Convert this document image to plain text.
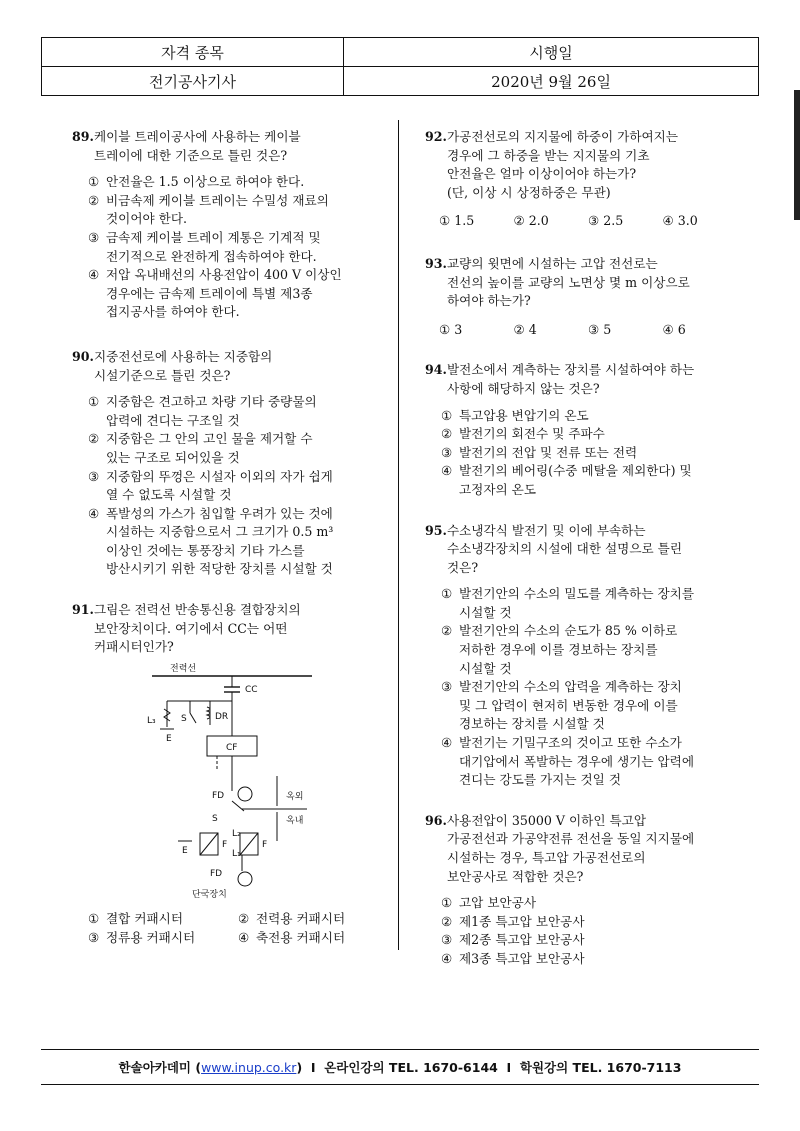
자격 종목	시행일
전기공사기사	2020년 9월 26일
89. 케이블 트레이공사에 사용하는 케이블
트레이에 대한 기준으로 틀린 것은?
① 안전율은 1.5 이상으로 하여야 한다.
② 비금속제 케이블 트레이는 수밀성 재료의
것이어야 한다.
③ 금속제 케이블 트레이 계통은 기계적 및
전기적으로 완전하게 접속하여야 한다.
④ 저압 옥내배선의 사용전압이 400 V 이상인
경우에는 금속제 트레이에 특별 제3종
접지공사를 하여야 한다.
90. 지중전선로에 사용하는 지중함의
시설기준으로 틀린 것은?
① 지중함은 견고하고 차량 기타 중량물의
압력에 견디는 구조일 것
② 지중함은 그 안의 고인 물을 제거할 수
있는 구조로 되어있을 것
③ 지중함의 뚜껑은 시설자 이외의 자가 쉽게
열 수 없도록 시설할 것
④ 폭발성의 가스가 침입할 우려가 있는 것에
시설하는 지중함으로서 그 크기가 0.5 m³
이상인 것에는 통풍장치 기타 가스를
방산시키기 위한 적당한 장치를 시설할 것
91. 그림은 전력선 반송통신용 결합장치의
보안장치이다. 여기에서 CC는 어떤
커패시터인가?
전력선
CC
L₃
E
S	DR
CF
FD	옥외
옥내
S
F	F
L₂
L₁
E
FD
단국장치
① 결합 커패시터	② 전력용 커패시터
③ 정류용 커패시터	④ 축전용 커패시터
92. 가공전선로의 지지물에 하중이 가하여지는
경우에 그 하중을 받는 지지물의 기초
안전율은 얼마 이상이어야 하는가?
(단, 이상 시 상정하중은 무관)
① 1.5	② 2.0	③ 2.5	④ 3.0
93. 교량의 윗면에 시설하는 고압 전선로는
전선의 높이를 교량의 노면상 몇 m 이상으로
하여야 하는가?
① 3	② 4	③ 5	④ 6
94. 발전소에서 계측하는 장치를 시설하여야 하는
사항에 해당하지 않는 것은?
① 특고압용 변압기의 온도
② 발전기의 회전수 및 주파수
③ 발전기의 전압 및 전류 또는 전력
④ 발전기의 베어링(수중 메탈을 제외한다) 및
고정자의 온도
95. 수소냉각식 발전기 및 이에 부속하는
수소냉각장치의 시설에 대한 설명으로 틀린
것은?
① 발전기안의 수소의 밀도를 계측하는 장치를
시설할 것
② 발전기안의 수소의 순도가 85 % 이하로
저하한 경우에 이를 경보하는 장치를
시설할 것
③ 발전기안의 수소의 압력을 계측하는 장치
및 그 압력이 현저히 변동한 경우에 이를
경보하는 장치를 시설할 것
④ 발전기는 기밀구조의 것이고 또한 수소가
대기압에서 폭발하는 경우에 생기는 압력에
견디는 강도를 가지는 것일 것
96. 사용전압이 35000 V 이하인 특고압
가공전선과 가공약전류 전선을 동일 지지물에
시설하는 경우, 특고압 가공전선로의
보안공사로 적합한 것은?
① 고압 보안공사
② 제1종 특고압 보안공사
③ 제2종 특고압 보안공사
④ 제3종 특고압 보안공사
한솔아카데미 ( www.inup.co.kr )  I  온라인강의 TEL. 1670-6144  I  학원강의 TEL. 1670-7113
